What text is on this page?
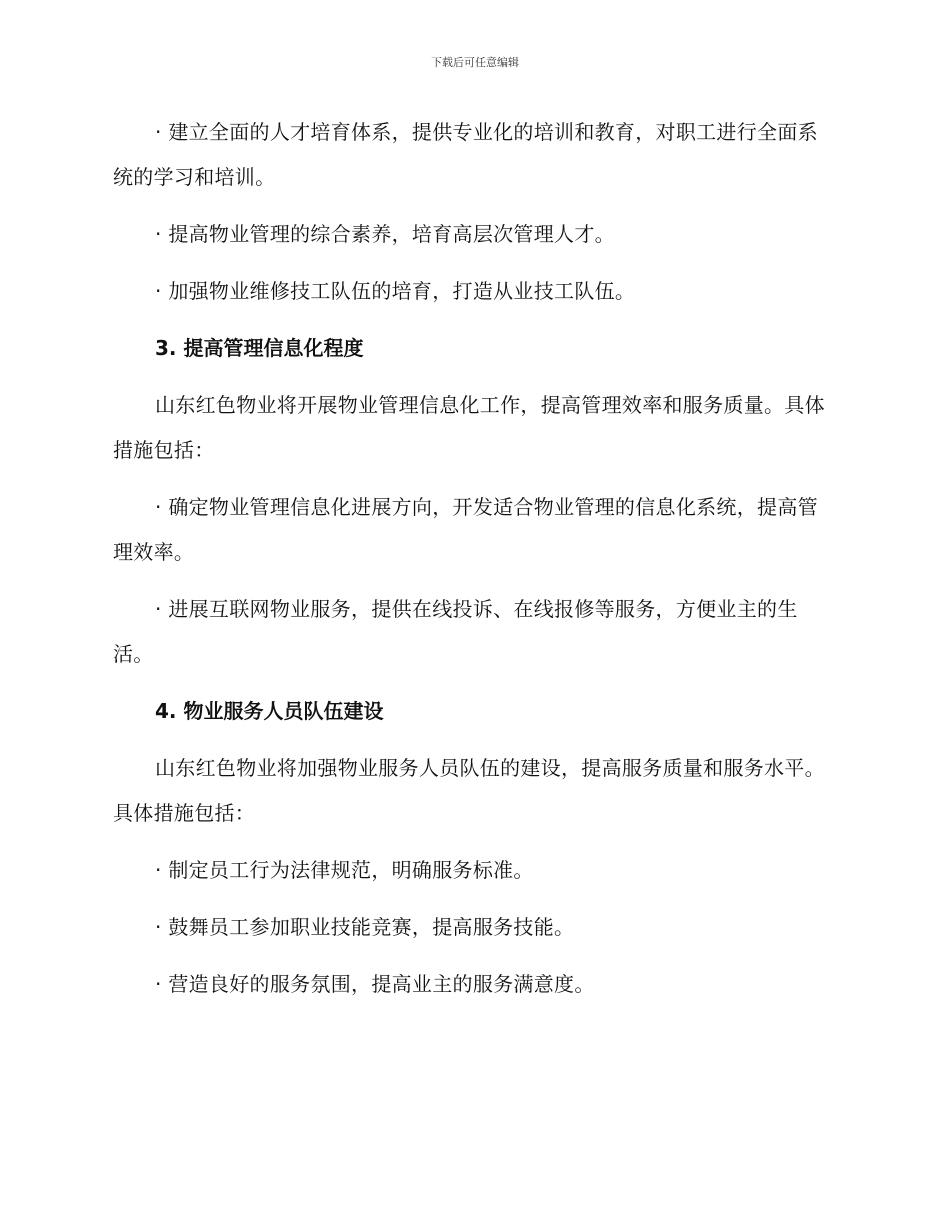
下载后可任意编辑

· 建立全面的人才培育体系，提供专业化的培训和教育，对职工进行全面系统的学习和培训。

· 提高物业管理的综合素养，培育高层次管理人才。

· 加强物业维修技工队伍的培育，打造从业技工队伍。

3. 提高管理信息化程度

山东红色物业将开展物业管理信息化工作，提高管理效率和服务质量。具体措施包括：

· 确定物业管理信息化进展方向，开发适合物业管理的信息化系统，提高管理效率。

· 进展互联网物业服务，提供在线投诉、在线报修等服务，方便业主的生活。

4. 物业服务人员队伍建设

山东红色物业将加强物业服务人员队伍的建设，提高服务质量和服务水平。具体措施包括：

· 制定员工行为法律规范，明确服务标准。

· 鼓舞员工参加职业技能竞赛，提高服务技能。

· 营造良好的服务氛围，提高业主的服务满意度。
